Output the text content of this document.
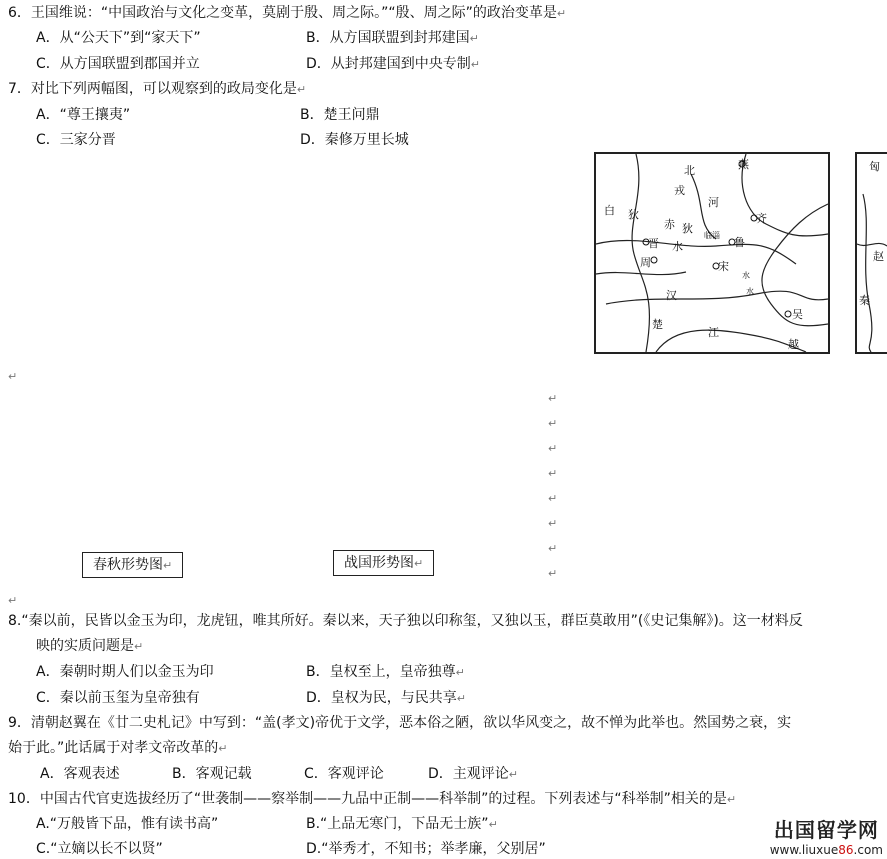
6．王国维说：“中国政治与文化之变革，莫剧于殷、周之际。”“殷、周之际”的政治变革是↵
A．从“公天下”到“家天下”	B．从方国联盟到封邦建国↵
C．从方国联盟到郡国并立	D．从封邦建国到中央专制↵
7．对比下列两幅图，可以观察到的政局变化是↵
A．“尊王攘夷”	B．楚王问鼎
C．三家分晋	D．秦修万里长城
燕
北
戎
白 狄
赤 狄
河
晋 水
周	宋
鲁
齐
临淄
汉
楚
江
吴
越
水
水
匈
秦
赵
↵
↵
↵
↵
↵
↵
↵
↵
↵
春秋形势图↵	战国形势图↵
↵
8.“秦以前，民皆以金玉为印，龙虎钮，唯其所好。秦以来，天子独以印称玺，又独以玉，群臣莫敢用”(《史记集解》)。这一材料反
映的实质问题是↵
A．秦朝时期人们以金玉为印	B．皇权至上，皇帝独尊↵
C．秦以前玉玺为皇帝独有	D．皇权为民，与民共享↵
9．清朝赵翼在《廿二史札记》中写到：“盖(孝文)帝优于文学，恶本俗之陋，欲以华风变之，故不惮为此举也。然国势之衰，实
始于此。”此话属于对孝文帝改革的↵
A．客观表述	B．客观记载	C．客观评论	D．主观评论↵
10．中国古代官吏选拔经历了“世袭制——察举制——九品中正制——科举制”的过程。下列表述与“科举制”相关的是↵
A.“万般皆下品，惟有读书高”	B.“上品无寒门，下品无士族”↵
C.“立嫡以长不以贤”	D.“举秀才，不知书；举孝廉，父别居”
出国留学网
www.liuxue86.com
